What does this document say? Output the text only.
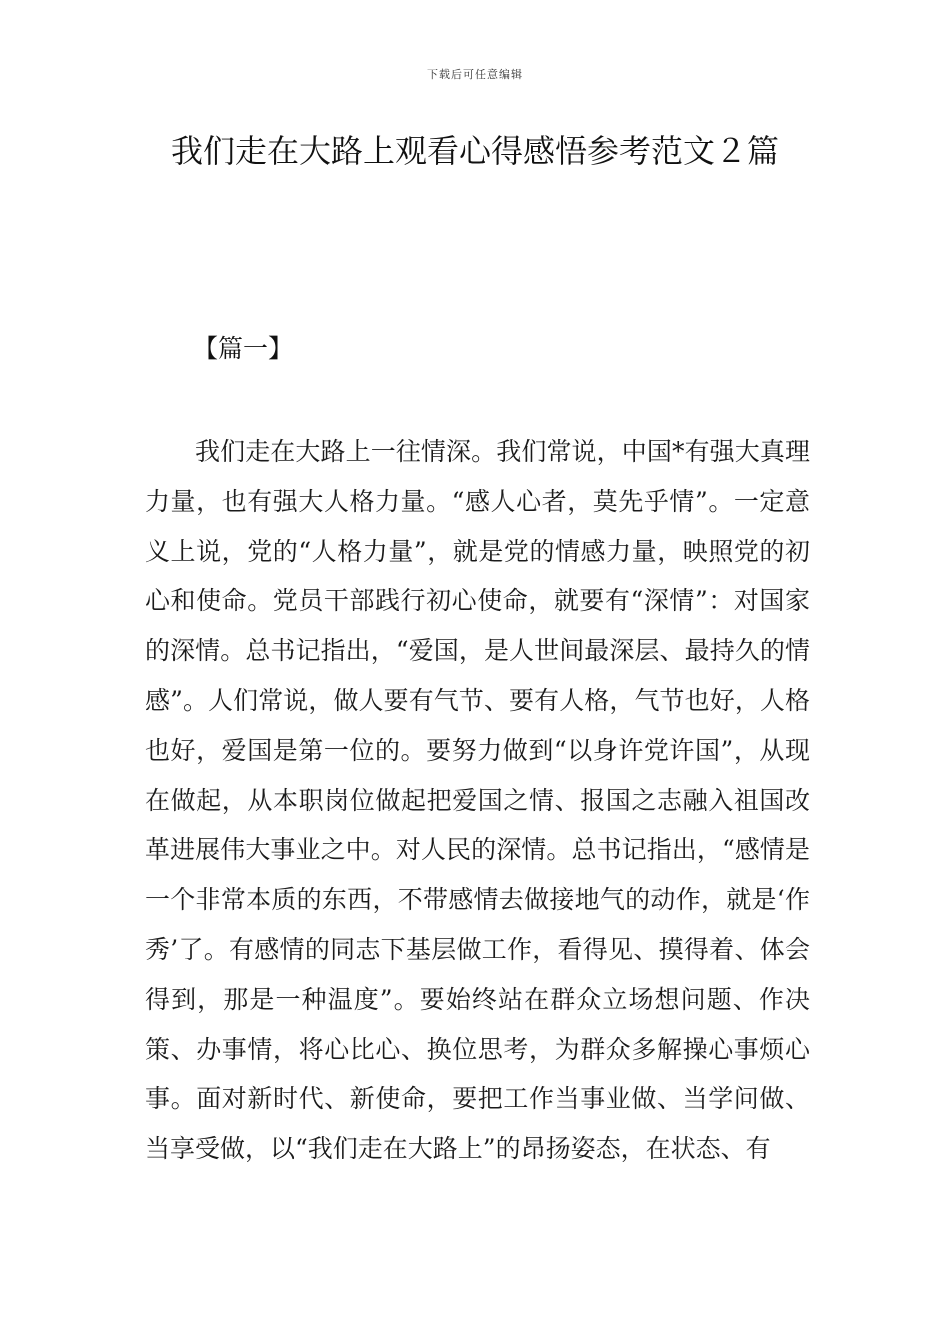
下载后可任意编辑
我们走在大路上观看心得感悟参考范文２篇
【篇一】

我们走在大路上一往情深。我们常说，中国*有强大真理力量，也有强大人格力量。“感人心者，莫先乎情”。一定意义上说，党的“人格力量”，就是党的情感力量，映照党的初心和使命。党员干部践行初心使命，就要有“深情”：对国家的深情。总书记指出，“爱国，是人世间最深层、最持久的情感”。人们常说，做人要有气节、要有人格，气节也好，人格也好，爱国是第一位的。要努力做到“以身许党许国”，从现在做起，从本职岗位做起把爱国之情、报国之志融入祖国改革进展伟大事业之中。对人民的深情。总书记指出，“感情是一个非常本质的东西，不带感情去做接地气的动作，就是‘作秀’了。有感情的同志下基层做工作，看得见、摸得着、体会得到，那是一种温度”。要始终站在群众立场想问题、作决策、办事情，将心比心、换位思考，为群众多解操心事烦心事。面对新时代、新使命，要把工作当事业做、当学问做、当享受做，以“我们走在大路上”的昂扬姿态，在状态、有
